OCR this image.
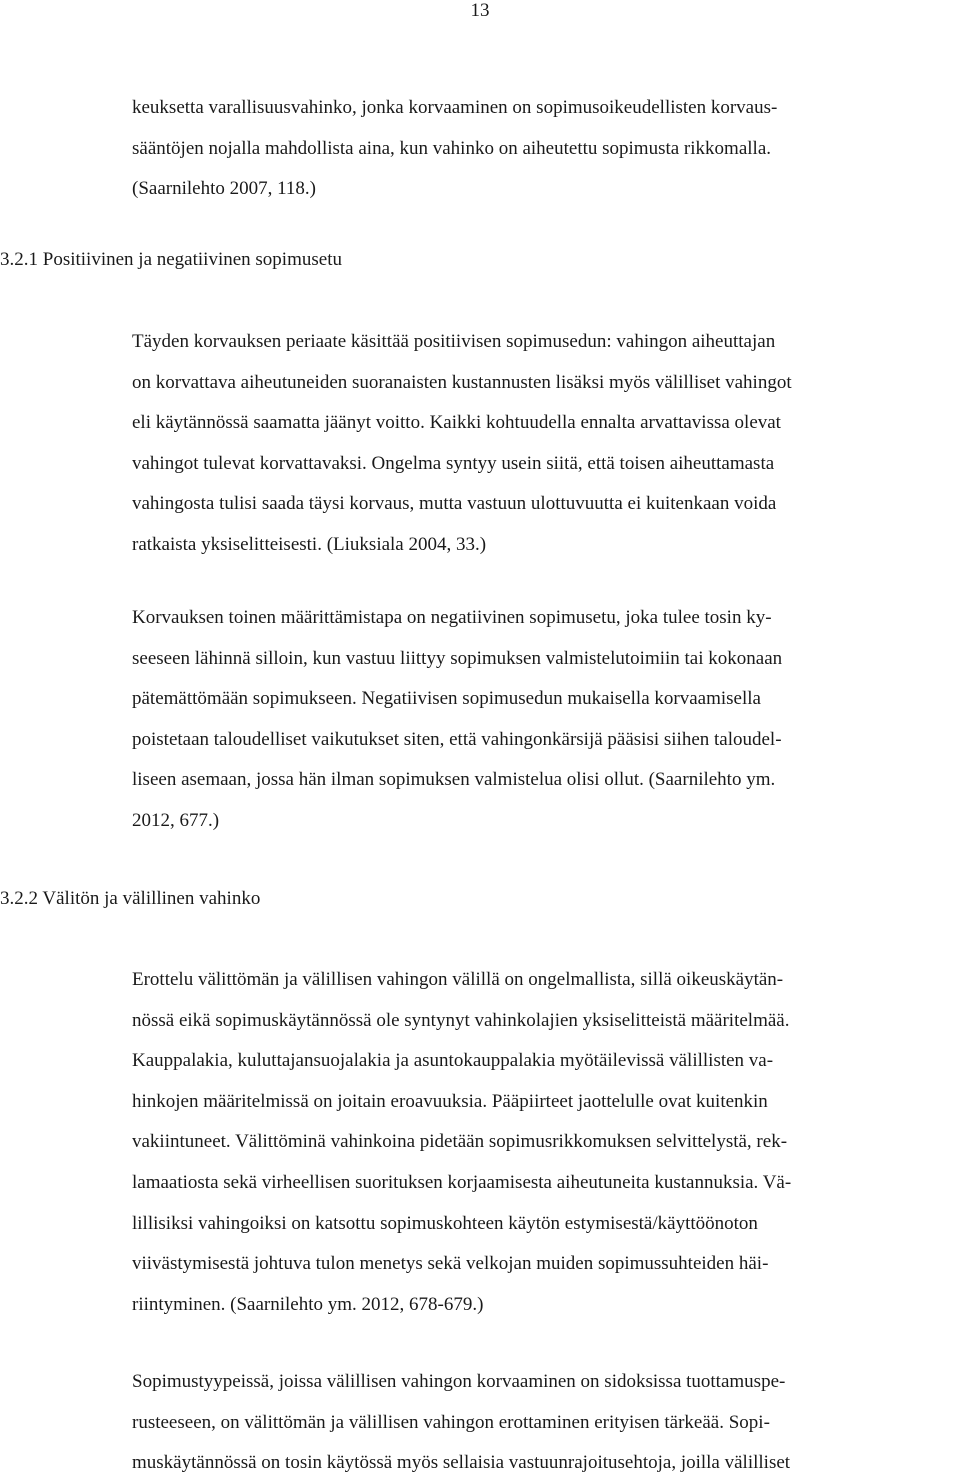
13

keuksetta varallisuusvahinko, jonka korvaaminen on sopimusoikeudellisten korvaus-

sääntöjen nojalla mahdollista aina, kun vahinko on aiheutettu sopimusta rikkomalla.

(Saarnilehto 2007, 118.)

3.2.1 Positiivinen ja negatiivinen sopimusetu

Täyden korvauksen periaate käsittää positiivisen sopimusedun: vahingon aiheuttajan

on korvattava aiheutuneiden suoranaisten kustannusten lisäksi myös välilliset vahingot

eli käytännössä saamatta jäänyt voitto. Kaikki kohtuudella ennalta arvattavissa olevat

vahingot tulevat korvattavaksi. Ongelma syntyy usein siitä, että toisen aiheuttamasta

vahingosta tulisi saada täysi korvaus, mutta vastuun ulottuvuutta ei kuitenkaan voida

ratkaista yksiselitteisesti. (Liuksiala 2004, 33.)

Korvauksen toinen määrittämistapa on negatiivinen sopimusetu, joka tulee tosin ky-

seeseen lähinnä silloin, kun vastuu liittyy sopimuksen valmistelutoimiin tai kokonaan

pätemättömään sopimukseen. Negatiivisen sopimusedun mukaisella korvaamisella

poistetaan taloudelliset vaikutukset siten, että vahingonkärsijä pääsisi siihen taloudel-

liseen asemaan, jossa hän ilman sopimuksen valmistelua olisi ollut. (Saarnilehto ym.

2012, 677.)

3.2.2 Välitön ja välillinen vahinko

Erottelu välittömän ja välillisen vahingon välillä on ongelmallista, sillä oikeuskäytän-

nössä eikä sopimuskäytännössä ole syntynyt vahinkolajien yksiselitteistä määritelmää.

Kauppalakia, kuluttajansuojalakia ja asuntokauppalakia myötäilevissä välillisten va-

hinkojen määritelmissä on joitain eroavuuksia. Pääpiirteet jaottelulle ovat kuitenkin

vakiintuneet. Välittöminä vahinkoina pidetään sopimusrikkomuksen selvittelystä, rek-

lamaatiosta sekä virheellisen suorituksen korjaamisesta aiheutuneita kustannuksia. Vä-

lillisiksi vahingoiksi on katsottu sopimuskohteen käytön estymisestä/käyttöönoton

viivästymisestä johtuva tulon menetys sekä velkojan muiden sopimussuhteiden häi-

riintyminen. (Saarnilehto ym. 2012, 678-679.)

Sopimustyypeissä, joissa välillisen vahingon korvaaminen on sidoksissa tuottamuspe-

rusteeseen, on välittömän ja välillisen vahingon erottaminen erityisen tärkeää. Sopi-

muskäytännössä on tosin käytössä myös sellaisia vastuunrajoitusehtoja, joilla välilliset
